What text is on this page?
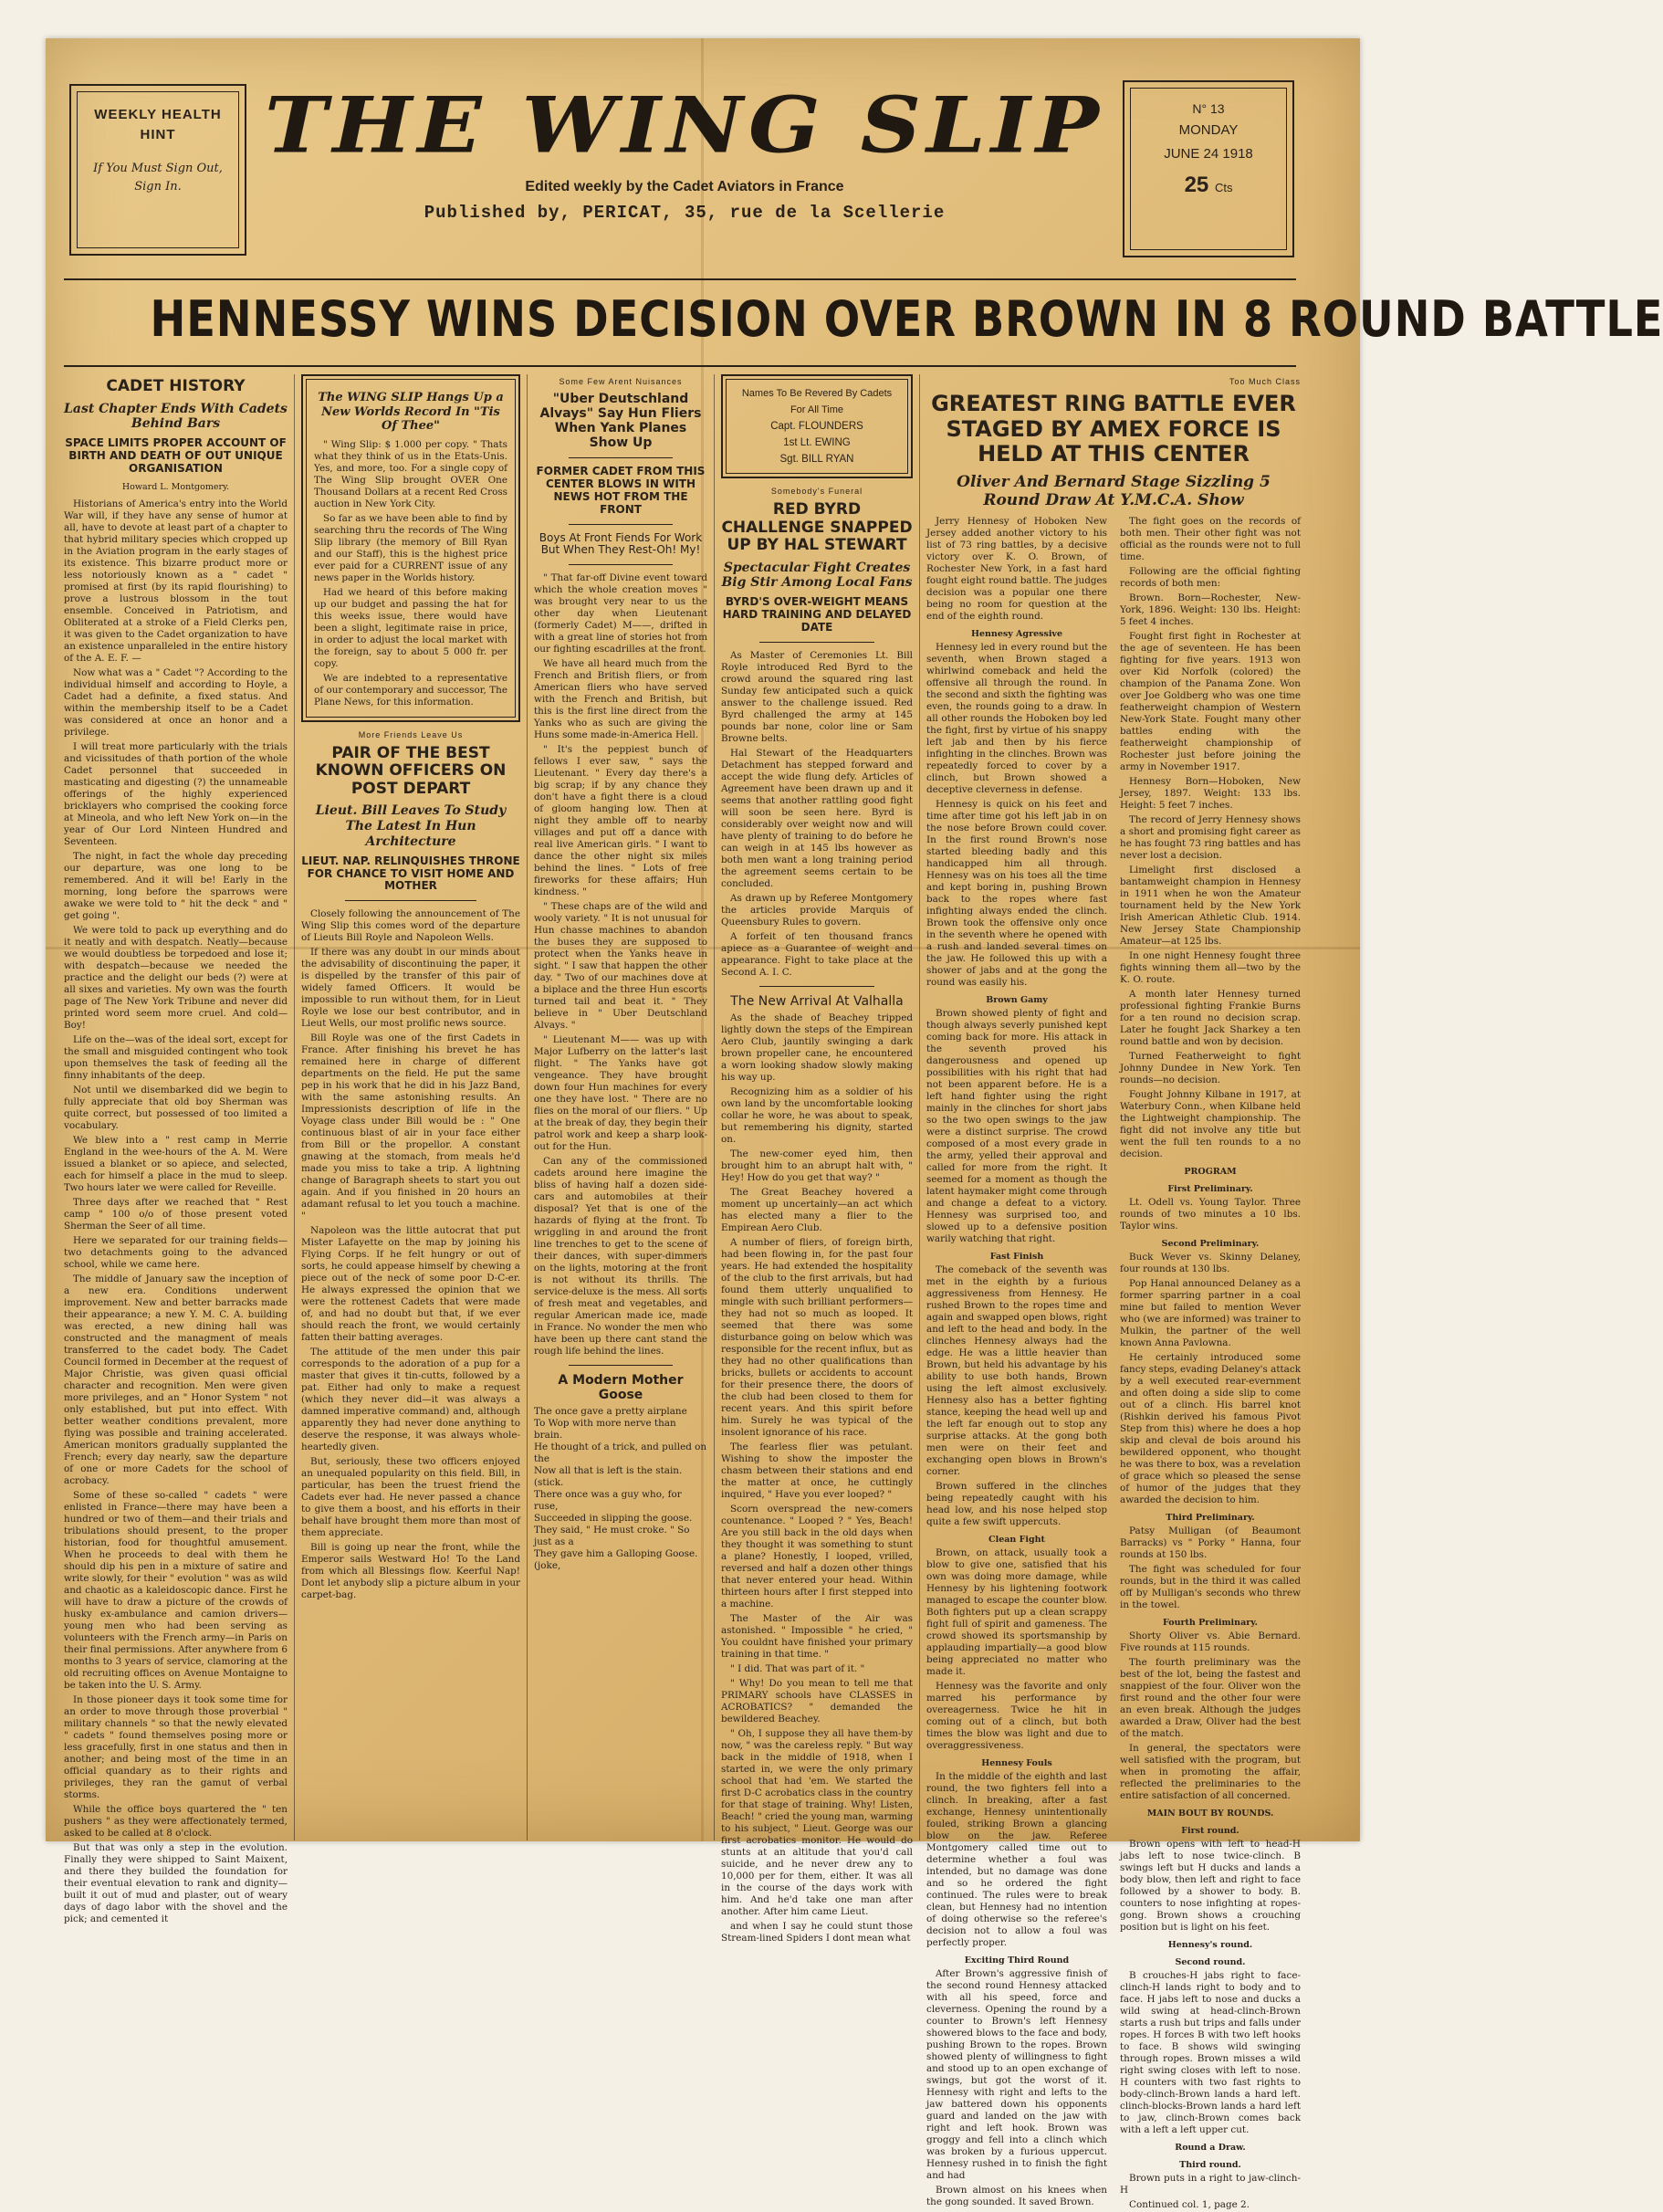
WEEKLY HEALTH HINT
If You Must Sign Out, Sign In.
THE WING SLIP
Edited weekly by the Cadet Aviators in France
Published by, PERICAT, 35, rue de la Scellerie
N° 13
MONDAY
JUNE 24 1918
25 Cts
HENNESSY WINS DECISION OVER BROWN IN 8 ROUND BATTLE
CADET HISTORY
Last Chapter Ends With Cadets Behind Bars
SPACE LIMITS PROPER ACCOUNT OF BIRTH AND DEATH OF OUT UNIQUE ORGANISATION
Howard L. Montgomery.

Historians of America's entry into the World War will, if they have any sense of humor at all, have to devote at least part of a chapter to that hybrid military species which cropped up in the Aviation program in the early stages of its existence. This bizarre product more or less notoriously known as a " cadet " promised at first (by its rapid flourishing) to prove a lustrous blossom in the tout ensemble. Conceived in Patriotism, and Obliterated at a stroke of a Field Clerks pen, it was given to the Cadet organization to have an existence unparalleled in the entire history of the A. E. F. —

Now what was a " Cadet "? According to the individual himself and according to Hoyle, a Cadet had a definite, a fixed status. And within the membership itself to be a Cadet was considered at once an honor and a privilege.

I will treat more particularly with the trials and vicissitudes of thath portion of the whole Cadet personnel that succeeded in masticating and digesting (?) the unnameable offerings of the highly experienced bricklayers who comprised the cooking force at Mineola, and who left New York on—in the year of Our Lord Ninteen Hundred and Seventeen.

The night, in fact the whole day preceding our departure, was one long to be remembered. And it will be! Early in the morning, long before the sparrows were awake we were told to " hit the deck " and " get going ".

We were told to pack up everything and do it neatly and with despatch. Neatly—because we would doubtless be torpedoed and lose it; with despatch—because we needed the practice and the delight our beds (?) were at all sixes and varieties. My own was the fourth page of The New York Tribune and never did printed word seem more cruel. And cold—Boy!

Life on the—was of the ideal sort, except for the small and misguided contingent who took upon themselves the task of feeding all the finny inhabitants of the deep.

Not until we disembarked did we begin to fully appreciate that old boy Sherman was quite correct, but possessed of too limited a vocabulary.

We blew into a " rest camp in Merrie England in the wee-hours of the A. M. Were issued a blanket or so apiece, and selected, each for himself a place in the mud to sleep. Two hours later we were called for Reveille.

Three days after we reached that " Rest camp " 100 o/o of those present voted Sherman the Seer of all time.

Here we separated for our training fields—two detachments going to the advanced school, while we came here.

The middle of January saw the inception of a new era. Conditions underwent improvement. New and better barracks made their appearance; a new Y. M. C. A. building was erected, a new dining hall was constructed and the managment of meals transferred to the cadet body. The Cadet Council formed in December at the request of Major Christie, was given quasi official character and recognition. Men were given more privileges, and an " Honor System " not only established, but put into effect. With better weather conditions prevalent, more flying was possible and training accelerated. American monitors gradually supplanted the French; every day nearly, saw the departure of one or more Cadets for the school of acrobacy.

Some of these so-called " cadets " were enlisted in France—there may have been a hundred or two of them—and their trials and tribulations should present, to the proper historian, food for thoughtful amusement. When he proceeds to deal with them he should dip his pen in a mixture of satire and write slowly, for their " evolution " was as wild and chaotic as a kaleidoscopic dance. First he will have to draw a picture of the crowds of husky ex-ambulance and camion drivers—young men who had been serving as volunteers with the French army—in Paris on their final permissions. After anywhere from 6 months to 3 years of service, clamoring at the old recruiting offices on Avenue Montaigne to be taken into the U. S. Army.

In those pioneer days it took some time for an order to move through those proverbial " military channels " so that the newly elevated " cadets " found themselves posing more or less gracefully, first in one status and then in another; and being most of the time in an official quandary as to their rights and privileges, they ran the gamut of verbal storms.

While the office boys quartered the " ten pushers " as they were affectionately termed, asked to be called at 8 o'clock.

But that was only a step in the evolution. Finally they were shipped to Saint Maixent, and there they builded the foundation for their eventual elevation to rank and dignity—built it out of mud and plaster, out of weary days of dago labor with the shovel and the pick; and cemented it

The WING SLIP Hangs Up a New Worlds Record In "Tis Of Thee"

" Wing Slip: $ 1.000 per copy. " Thats what they think of us in the Etats-Unis. Yes, and more, too. For a single copy of The Wing Slip brought OVER One Thousand Dollars at a recent Red Cross auction in New York City.

So far as we have been able to find by searching thru the records of The Wing Slip library (the memory of Bill Ryan and our Staff), this is the highest price ever paid for a CURRENT issue of any news paper in the Worlds history.

Had we heard of this before making up our budget and passing the hat for this weeks issue, there would have been a slight, legitimate raise in price, in order to adjust the local market with the foreign, say to about 5 000 fr. per copy.

We are indebted to a representative of our contemporary and successor, The Plane News, for this information.

More Friends Leave Us
PAIR OF THE BEST KNOWN OFFICERS ON POST DEPART
Lieut. Bill Leaves To Study The Latest In Hun Architecture
LIEUT. NAP. RELINQUISHES THRONE FOR CHANCE TO VISIT HOME AND MOTHER

Closely following the announcement of The Wing Slip this comes word of the departure of Lieuts Bill Royle and Napoleon Wells.

If there was any doubt in our minds about the advisability of discontinuing the paper, it is dispelled by the transfer of this pair of widely famed Officers. It would be impossible to run without them, for in Lieut Royle we lose our best contributor, and in Lieut Wells, our most prolific news source.

Bill Royle was one of the first Cadets in France. After finishing his brevet he has remained here in charge of different departments on the field. He put the same pep in his work that he did in his Jazz Band, with the same astonishing results. An Impressionists description of life in the Voyage class under Bill would be : " One continuous blast of air in your face either from Bill or the propellor. A constant gnawing at the stomach, from meals he'd made you miss to take a trip. A lightning change of Baragraph sheets to start you out again. And if you finished in 20 hours an adamant refusal to let you touch a machine. "

Napoleon was the little autocrat that put Mister Lafayette on the map by joining his Flying Corps. If he felt hungry or out of sorts, he could appease himself by chewing a piece out of the neck of some poor D-C-er. He always expressed the opinion that we were the rottenest Cadets that were made of, and had no doubt but that, if we ever should reach the front, we would certainly fatten their batting averages.

The attitude of the men under this pair corresponds to the adoration of a pup for a master that gives it tin-cutts, followed by a pat. Either had only to make a request (which they never did—it was always a damned imperative command) and, although apparently they had never done anything to deserve the response, it was always whole-heartedly given.

But, seriously, these two officers enjoyed an unequaled popularity on this field. Bill, in particular, has been the truest friend the Cadets ever had. He never passed a chance to give them a boost, and his efforts in their behalf have brought them more than most of them appreciate.

Bill is going up near the front, while the Emperor sails Westward Ho! To the Land from which all Blessings flow. Keerful Nap! Dont let anybody slip a picture album in your carpet-bag.

Some Few Arent Nuisances
"Uber Deutschland Alvays" Say Hun Fliers When Yank Planes Show Up
FORMER CADET FROM THIS CENTER BLOWS IN WITH NEWS HOT FROM THE FRONT
Boys At Front Fiends For Work But When They Rest-Oh! My!

" That far-off Divine event toward which the whole creation moves " was brought very near to us the other day when Lieutenant (formerly Cadet) M——, drifted in with a great line of stories hot from our fighting escadrilles at the front.

We have all heard much from the French and British fliers, or from American fliers who have served with the French and British, but this is the first line direct from the Yanks who as such are giving the Huns some made-in-America Hell.

" It's the peppiest bunch of fellows I ever saw, " says the Lieutenant. " Every day there's a big scrap; if by any chance they don't have a fight there is a cloud of gloom hanging low. Then at night they amble off to nearby villages and put off a dance with real live American girls. " I want to dance the other night six miles behind the lines. " Lots of free fireworks for these affairs; Hun kindness. "

" These chaps are of the wild and wooly variety. " It is not unusual for Hun chasse machines to abandon the buses they are supposed to protect when the Yanks heave in sight. " I saw that happen the other day. " Two of our machines dove at a biplace and the three Hun escorts turned tail and beat it. " They believe in " Uber Deutschland Alvays. "

" Lieutenant M—— was up with Major Lufberry on the latter's last flight. " The Yanks have got vengeance. They have brought down four Hun machines for every one they have lost. " There are no flies on the moral of our fliers. " Up at the break of day, they begin their patrol work and keep a sharp look-out for the Hun.

Can any of the commissioned cadets around here imagine the bliss of having half a dozen side-cars and automobiles at their disposal? Yet that is one of the hazards of flying at the front. To wriggling in and around the front line trenches to get to the scene of their dances, with super-dimmers on the lights, motoring at the front is not without its thrills. The service-deluxe is the mess. All sorts of fresh meat and vegetables, and regular American made ice, made in France. No wonder the men who have been up there cant stand the rough life behind the lines.

A Modern Mother Goose
The once gave a pretty airplane
To Wop with more nerve than brain.
He thought of a trick, and pulled on the
Now all that is left is the stain. (stick.
There once was a guy who, for ruse,
Succeeded in slipping the goose.
They said, " He must croke. " So just as a
They gave him a Galloping Goose. (joke,
Names To Be Revered By Cadets For All Time
Capt. FLOUNDERS
1st Lt. EWING
Sgt. BILL RYAN
Somebody's Funeral
RED BYRD CHALLENGE SNAPPED UP BY HAL STEWART
Spectacular Fight Creates Big Stir Among Local Fans
BYRD'S OVER-WEIGHT MEANS HARD TRAINING AND DELAYED DATE

As Master of Ceremonies Lt. Bill Royle introduced Red Byrd to the crowd around the squared ring last Sunday few anticipated such a quick answer to the challenge issued. Red Byrd challenged the army at 145 pounds bar none, color line or Sam Browne belts.

Hal Stewart of the Headquarters Detachment has stepped forward and accept the wide flung defy. Articles of Agreement have been drawn up and it seems that another rattling good fight will soon be seen here. Byrd is considerably over weight now and will have plenty of training to do before he can weigh in at 145 lbs however as both men want a long training period the agreement seems certain to be concluded.

As drawn up by Referee Montgomery the articles provide Marquis of Queensbury Rules to govern.

A forfeit of ten thousand francs apiece as a Guarantee of weight and appearance. Fight to take place at the Second A. I. C.

The New Arrival At Valhalla

As the shade of Beachey tripped lightly down the steps of the Empirean Aero Club, jauntily swinging a dark brown propeller cane, he encountered a worn looking shadow slowly making his way up.

Recognizing him as a soldier of his own land by the uncomfortable looking collar he wore, he was about to speak, but remembering his dignity, started on.

The new-comer eyed him, then brought him to an abrupt halt with, " Hey! How do you get that way? "

The Great Beachey hovered a moment up uncertainly—an act which has elected many a flier to the Empirean Aero Club.

A number of fliers, of foreign birth, had been flowing in, for the past four years. He had extended the hospitality of the club to the first arrivals, but had found them utterly unqualified to mingle with such brilliant performers—they had not so much as looped. It seemed that there was some disturbance going on below which was responsible for the recent influx, but as they had no other qualifications than bricks, bullets or accidents to account for their presence there, the doors of the club had been closed to them for recent years. And this spirit before him. Surely he was typical of the insolent ignorance of his race.

The fearless flier was petulant. Wishing to show the imposter the chasm between their stations and end the matter at once, he cuttingly inquired, " Have you ever looped? "

Scorn overspread the new-comers countenance. " Looped ? " Yes, Beach! Are you still back in the old days when they thought it was something to stunt a plane? Honestly, I looped, vrilled, reversed and half a dozen other things that never entered your head. Within thirteen hours after I first stepped into a machine.

The Master of the Air was astonished. " Impossible " he cried, " You couldnt have finished your primary training in that time. "

" I did. That was part of it. "

" Why! Do you mean to tell me that PRIMARY schools have CLASSES in ACROBATICS? " demanded the bewildered Beachey.

" Oh, I suppose they all have them-by now, " was the careless reply. " But way back in the middle of 1918, when I started in, we were the only primary school that had 'em. We started the first D-C acrobatics class in the country for that stage of training. Why! Listen, Beach! " cried the young man, warming to his subject, " Lieut. George was our first acrobatics monitor. He would do stunts at an altitude that you'd call suicide, and he never drew any to 10,000 per for them, either. It was all in the course of the days work with him. And he'd take one man after another. After him came Lieut.

and when I say he could stunt those Stream-lined Spiders I dont mean what

Too Much Class
GREATEST RING BATTLE EVER STAGED BY AMEX FORCE IS HELD AT THIS CENTER
Oliver And Bernard Stage Sizzling 5 Round Draw At Y.M.C.A. Show

Jerry Hennesy of Hoboken New Jersey added another victory to his list of 73 ring battles, by a decisive victory over K. O. Brown, of Rochester New York, in a fast hard fought eight round battle. The judges decision was a popular one there being no room for question at the end of the eighth round.

Hennesy Agressive

Hennesy led in every round but the seventh, when Brown staged a whirlwind comeback and held the offensive all through the round. In the second and sixth the fighting was even, the rounds going to a draw. In all other rounds the Hoboken boy led the fight, first by virtue of his snappy left jab and then by his fierce infighting in the clinches. Brown was repeatedly forced to cover by a clinch, but Brown showed a deceptive cleverness in defense.

Hennesy is quick on his feet and time after time got his left jab in on the nose before Brown could cover. In the first round Brown's nose started bleeding badly and this handicapped him all through. Hennesy was on his toes all the time and kept boring in, pushing Brown back to the ropes where fast infighting always ended the clinch. Brown took the offensive only once in the seventh where he opened with a rush and landed several times on the jaw. He followed this up with a shower of jabs and at the gong the round was easily his.

Brown Gamy

Brown showed plenty of fight and though always severly punished kept coming back for more. His attack in the seventh proved his dangerousness and opened up possibilities with his right that had not been apparent before. He is a left hand fighter using the right mainly in the clinches for short jabs so the two open swings to the jaw were a distinct surprise. The crowd composed of a most every grade in the army, yelled their approval and called for more from the right. It seemed for a moment as though the latent haymaker might come through and change a defeat to a victory. Hennesy was surprised too, and slowed up to a defensive position warily watching that right.

Fast Finish

The comeback of the seventh was met in the eighth by a furious aggressiveness from Hennesy. He rushed Brown to the ropes time and again and swapped open blows, right and left to the head and body. In the clinches Hennesy always had the edge. He was a little heavier than Brown, but held his advantage by his ability to use both hands, Brown using the left almost exclusively. Hennesy also has a better fighting stance, keeping the head well up and the left far enough out to stop any surprise attacks. At the gong both men were on their feet and exchanging open blows in Brown's corner.

Brown suffered in the clinches being repeatedly caught with his head low, and his nose helped stop quite a few swift uppercuts.

Clean Fight

Brown, on attack, usually took a blow to give one, satisfied that his own was doing more damage, while Hennesy by his lightening footwork managed to escape the counter blow. Both fighters put up a clean scrappy fight full of spirit and gameness. The crowd showed its sportsmanship by applauding impartially—a good blow being appreciated no matter who made it.

Hennesy was the favorite and only marred his performance by overeagerness. Twice he hit in coming out of a clinch, but both times the blow was light and due to overaggressiveness.

Hennesy Fouls

In the middle of the eighth and last round, the two fighters fell into a clinch. In breaking, after a fast exchange, Hennesy unintentionally fouled, striking Brown a glancing blow on the jaw. Referee Montgomery called time out to determine whether a foul was intended, but no damage was done and so he ordered the fight continued. The rules were to break clean, but Hennesy had no intention of doing otherwise so the referee's decision not to allow a foul was perfectly proper.

Exciting Third Round

After Brown's aggressive finish of the second round Hennesy attacked with all his speed, force and cleverness. Opening the round by a counter to Brown's left Hennesy showered blows to the face and body, pushing Brown to the ropes. Brown showed plenty of willingness to fight and stood up to an open exchange of swings, but got the worst of it. Hennesy with right and lefts to the jaw battered down his opponents guard and landed on the jaw with right and left hook. Brown was groggy and fell into a clinch which was broken by a furious uppercut. Hennesy rushed in to finish the fight and had

Brown almost on his knees when the gong sounded. It saved Brown.

The fight goes on the records of both men. Their other fight was not official as the rounds were not to full time.

Following are the official fighting records of both men:

Brown. Born—Rochester, New-York, 1896. Weight: 130 lbs. Height: 5 feet 4 inches.

Fought first fight in Rochester at the age of seventeen. He has been fighting for five years. 1913 won over Kid Norfolk (colored) the champion of the Panama Zone. Won over Joe Goldberg who was one time featherweight champion of Western New-York State. Fought many other battles ending with the featherweight championship of Rochester just before joining the army in November 1917.

Hennesy Born—Hoboken, New Jersey, 1897. Weight: 133 lbs. Height: 5 feet 7 inches.

The record of Jerry Hennesy shows a short and promising fight career as he has fought 73 ring battles and has never lost a decision.

Limelight first disclosed a bantamweight champion in Hennesy in 1911 when he won the Amateur tournament held by the New York Irish American Athletic Club. 1914. New Jersey State Championship Amateur—at 125 lbs.

In one night Hennesy fought three fights winning them all—two by the K. O. route.

A month later Hennesy turned professional fighting Frankie Burns for a ten round no decision scrap. Later he fought Jack Sharkey a ten round battle and won by decision.

Turned Featherweight to fight Johnny Dundee in New York. Ten rounds—no decision.

Fought Johnny Kilbane in 1917, at Waterbury Conn., when Kilbane held the Lightweight championship. The fight did not involve any title but went the full ten rounds to a no decision.

PROGRAM

First Preliminary.

Lt. Odell vs. Young Taylor. Three rounds of two minutes a 10 lbs. Taylor wins.

Second Preliminary.

Buck Wever vs. Skinny Delaney, four rounds at 130 lbs.

Pop Hanal announced Delaney as a former sparring partner in a coal mine but failed to mention Wever who (we are informed) was trainer to Mulkin, the partner of the well known Anna Pavlowna.

He certainly introduced some fancy steps, evading Delaney's attack by a well executed rear-evernment and often doing a side slip to come out of a clinch. His barrel knot (Rishkin derived his famous Pivot Step from this) where he does a hop skip and cleval de bois around his bewildered opponent, who thought he was there to box, was a revelation of grace which so pleased the sense of humor of the judges that they awarded the decision to him.

Third Preliminary.

Patsy Mulligan (of Beaumont Barracks) vs " Porky " Hanna, four rounds at 150 lbs.

The fight was scheduled for four rounds, but in the third it was called off by Mulligan's seconds who threw in the towel.

Fourth Preliminary.

Shorty Oliver vs. Abie Bernard. Five rounds at 115 rounds.

The fourth preliminary was the best of the lot, being the fastest and snappiest of the four. Oliver won the first round and the other four were an even break. Although the judges awarded a Draw, Oliver had the best of the match.

In general, the spectators were well satisfied with the program, but when in promoting the affair, reflected the preliminaries to the entire satisfaction of all concerned.

MAIN BOUT BY ROUNDS.

First round.

Brown opens with left to head-H jabs left to nose twice-clinch. B swings left but H ducks and lands a body blow, then left and right to face followed by a shower to body. B. counters to nose infighting at ropes-gong. Brown shows a crouching position but is light on his feet.

Hennesy's round.

Second round.

B crouches-H jabs right to face-clinch-H lands right to body and to face. H jabs left to nose and ducks a wild swing at head-clinch-Brown starts a rush but trips and falls under ropes. H forces B with two left hooks to face. B shows wild swinging through ropes. Brown misses a wild right swing closes with left to nose. H counters with two fast rights to body-clinch-Brown lands a hard left. clinch-blocks-Brown lands a hard left to jaw, clinch-Brown comes back with a left a left upper cut.

Round a Draw.

Third round.

Brown puts in a right to jaw-clinch-H

Continued col. 1, page 2.
